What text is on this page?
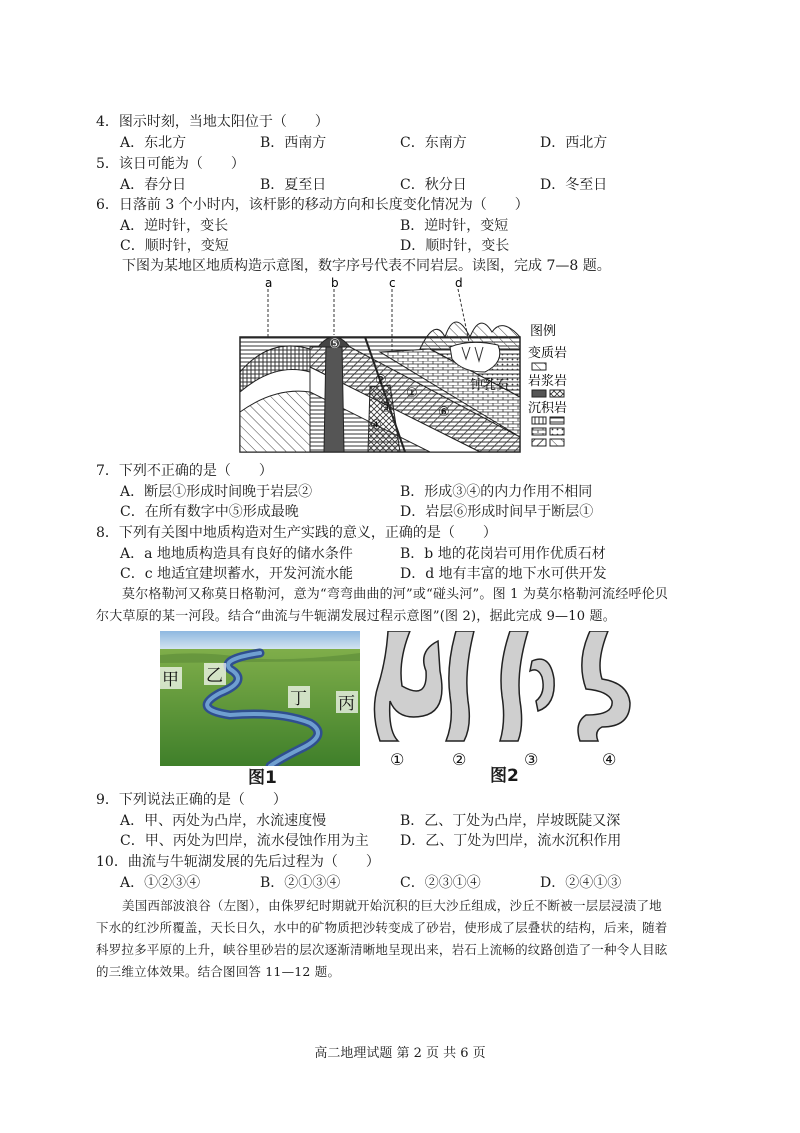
4．图示时刻，当地太阳位于（　　）
A．东北方	B．西南方	C．东南方	D．西北方
5．该日可能为（　　）
A．春分日	B．夏至日	C．秋分日	D．冬至日
6．日落前 3 个小时内，该杆影的移动方向和长度变化情况为（　　）
A．逆时针，变长	B．逆时针，变短
C．顺时针，变短	D．顺时针，变长
下图为某地区地质构造示意图，数字序号代表不同岩层。读图，完成 7—8 题。
⑤
②
③
④
⑥
①
a	b	c	d
钟乳石
图例
变质岩
岩浆岩
沉积岩
7．下列不正确的是（　　）
A．断层①形成时间晚于岩层②	B．形成③④的内力作用不相同
C．在所有数字中⑤形成最晚	D．岩层⑥形成时间早于断层①
8．下列有关图中地质构造对生产实践的意义，正确的是（　　）
A．a 地地质构造具有良好的储水条件	B．b 地的花岗岩可用作优质石材
C．c 地适宜建坝蓄水，开发河流水能	D．d 地有丰富的地下水可供开发
莫尔格勒河又称莫日格勒河，意为“弯弯曲曲的河”或“碰头河”。图 1 为莫尔格勒河流经呼伦贝
尔大草原的某一河段。结合“曲流与牛轭湖发展过程示意图”(图 2)，据此完成 9—10 题。
甲 乙
丁 丙
图1
①	②	③	④
图2
9．下列说法正确的是（　　）
A．甲、丙处为凸岸，水流速度慢	B．乙、丁处为凸岸，岸坡既陡又深
C．甲、丙处为凹岸，流水侵蚀作用为主 D．乙、丁处为凹岸，流水沉积作用
10．曲流与牛轭湖发展的先后过程为（　　）
A．①②③④	B．②①③④	C．②③①④	D．②④①③
美国西部波浪谷（左图），由侏罗纪时期就开始沉积的巨大沙丘组成，沙丘不断被一层层浸渍了地
下水的红沙所覆盖，天长日久，水中的矿物质把沙转变成了砂岩，使形成了层叠状的结构，后来，随着
科罗拉多平原的上升，峡谷里砂岩的层次逐渐清晰地呈现出来，岩石上流畅的纹路创造了一种令人目眩
的三维立体效果。结合图回答 11—12 题。
高二地理试题 第 2 页 共 6 页
